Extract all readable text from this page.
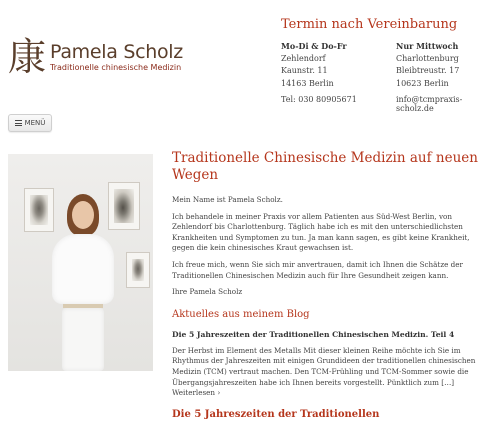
康 Pamela Scholz
Traditionelle chinesische Medizin
Termin nach Vereinbarung
Mo-Di & Do-Fr
Zehlendorf
Kaunstr. 11
14163 Berlin
Nur Mittwoch
Charlottenburg
Bleibtreustr. 17
10623 Berlin
Tel: 030 80905671	info@tcmpraxis-scholz.de
MENÜ
Traditionelle Chinesische Medizin auf neuen Wegen

Mein Name ist Pamela Scholz.

Ich behandele in meiner Praxis vor allem Patienten aus Süd-West Berlin, von Zehlendorf bis Charlottenburg. Täglich habe ich es mit den unterschiedlichsten Krankheiten und Symptomen zu tun. Ja man kann sagen, es gibt keine Krankheit, gegen die kein chinesisches Kraut gewachsen ist.

Ich freue mich, wenn Sie sich mir anvertrauen, damit ich Ihnen die Schätze der Traditionellen Chinesischen Medizin auch für Ihre Gesundheit zeigen kann.

Ihre Pamela Scholz

Aktuelles aus meinem Blog
Die 5 Jahreszeiten der Traditionellen Chinesischen Medizin. Teil 4

Der Herbst im Element des Metalls Mit dieser kleinen Reihe möchte ich Sie im Rhythmus der Jahreszeiten mit einigen Grundideen der traditionellen chinesischen Medizin (TCM) vertraut machen. Den TCM-Frühling und TCM-Sommer sowie die Übergangsjahreszeiten habe ich Ihnen bereits vorgestellt. Pünktlich zum […]
Weiterlesen ›

Die 5 Jahreszeiten der Traditionellen
